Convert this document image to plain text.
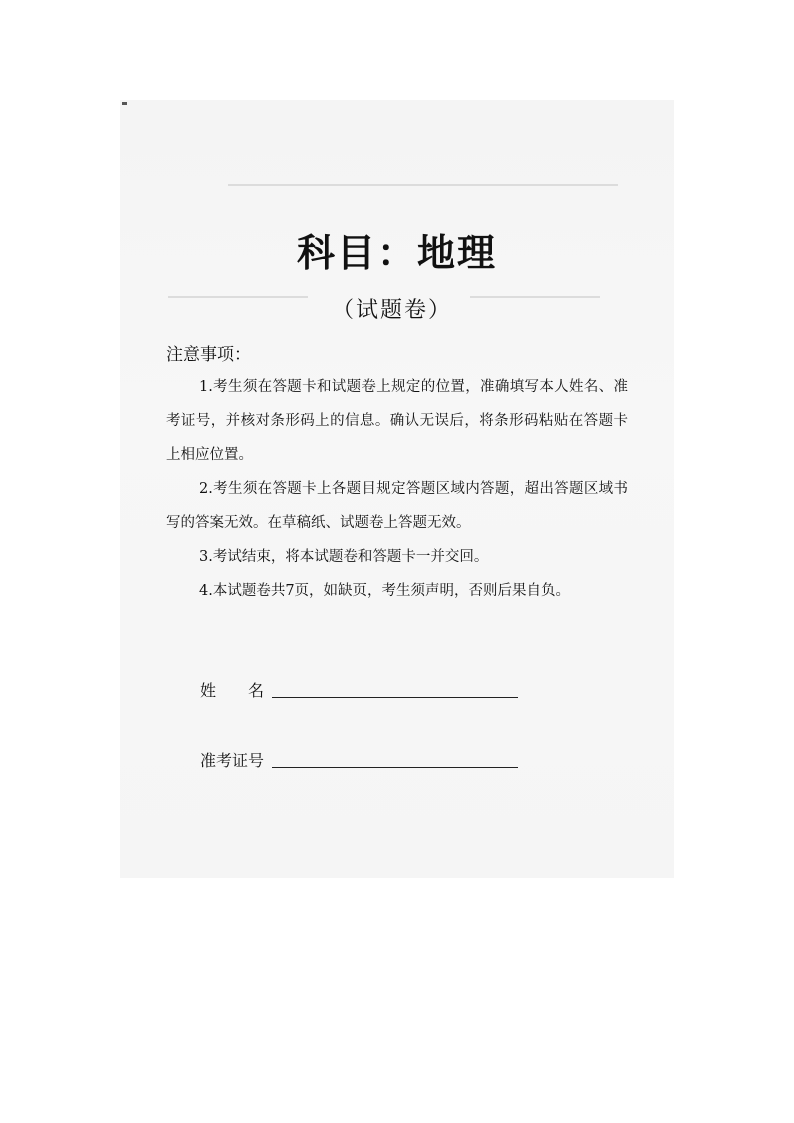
科目：地理
（试题卷）
注意事项：
1.考生须在答题卡和试题卷上规定的位置，准确填写本人姓名、准考证号，并核对条形码上的信息。确认无误后，将条形码粘贴在答题卡上相应位置。
2.考生须在答题卡上各题目规定答题区域内答题，超出答题区域书写的答案无效。在草稿纸、试题卷上答题无效。
3.考试结束，将本试题卷和答题卡一并交回。
4.本试题卷共7页，如缺页，考生须声明，否则后果自负。
姓　　名
准考证号
